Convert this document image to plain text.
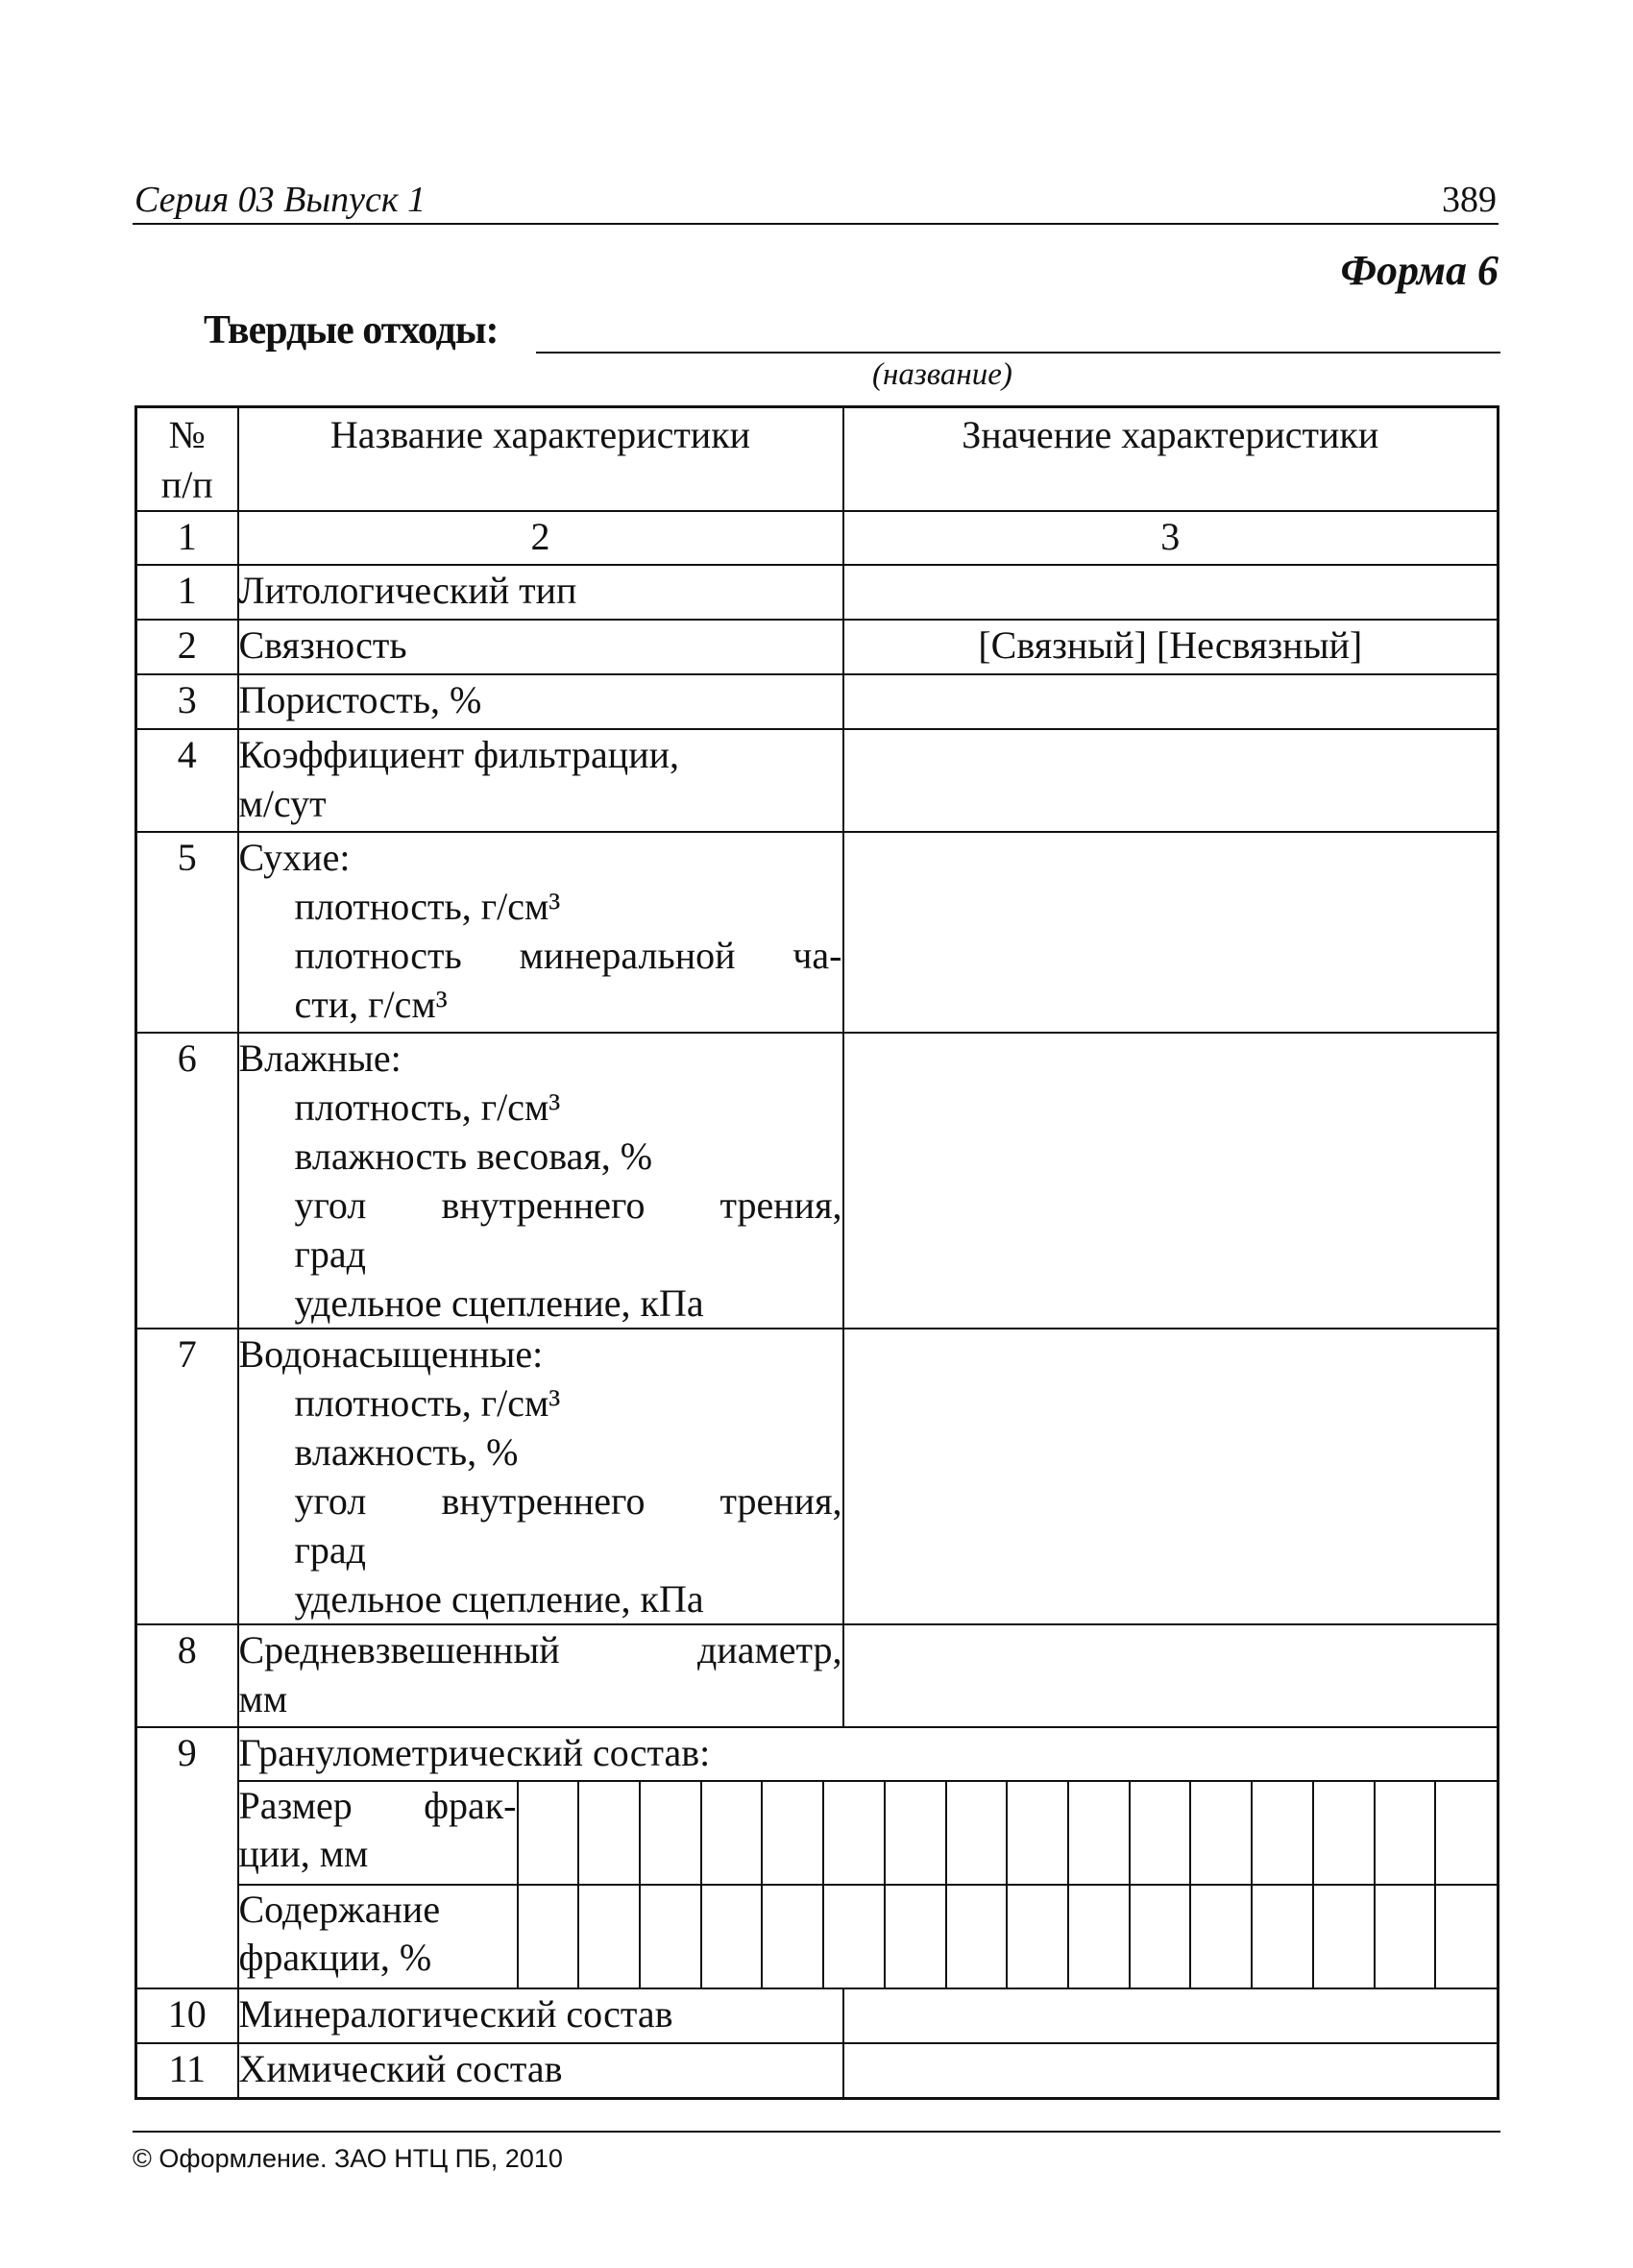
Серия 03 Выпуск 1	389
Форма 6
Твердые отходы:
(название)
№
п/п
	Название характеристики	Значение характеристики
1	2	3
1	Литологический тип	
2	Связность	[Связный] [Несвязный]
3	Пористость, %	
4	Коэффициент фильтрации,
м/сут

5	Сухие:
плотность, г/см³
плотность минеральной ча-
сти, г/см³

6	Влажные:
плотность, г/см³
влажность весовая, %
угол внутреннего трения,
град
удельное сцепление, кПа

7	Водонасыщенные:
плотность, г/см³
влажность, %
угол внутреннего трения,
град
удельное сцепление, кПа

8	Средневзвешенный диаметр,
мм

9	Гранулометрический состав:

Размер фрак-
ции, мм

Содержание
фракции, %

10	Минералогический состав	
11	Химический состав	
© Оформление. ЗАО НТЦ ПБ, 2010
